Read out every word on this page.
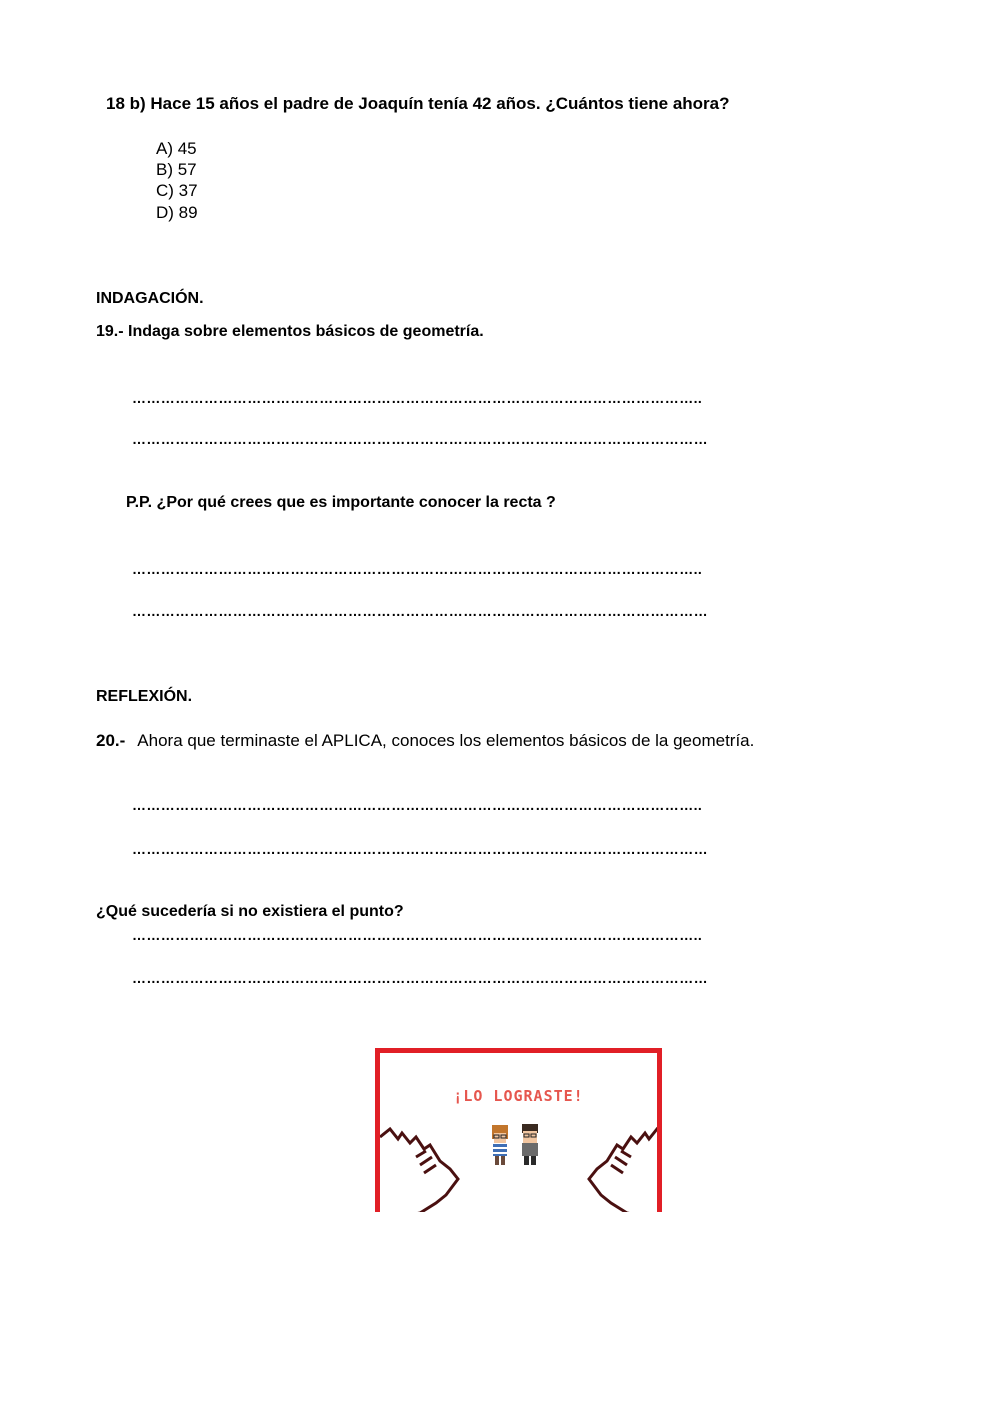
18 b) Hace 15 años el padre de Joaquín tenía 42 años. ¿Cuántos tiene ahora?
A) 45
B) 57
C) 37
D) 89
INDAGACIÓN.
19.- Indaga sobre elementos básicos de geometría.
………………………………………………………………………………………………………..
…………………………………………………………………………………………………………
P.P. ¿Por qué crees que es importante conocer la recta ?
………………………………………………………………………………………………………..
…………………………………………………………………………………………………………
REFLEXIÓN.
20.- Ahora que terminaste el APLICA, conoces los elementos básicos de la geometría.
………………………………………………………………………………………………………..
…………………………………………………………………………………………………………
¿Qué sucedería si no existiera el punto?
………………………………………………………………………………………………………..
…………………………………………………………………………………………………………
¡LO LOGRASTE!
